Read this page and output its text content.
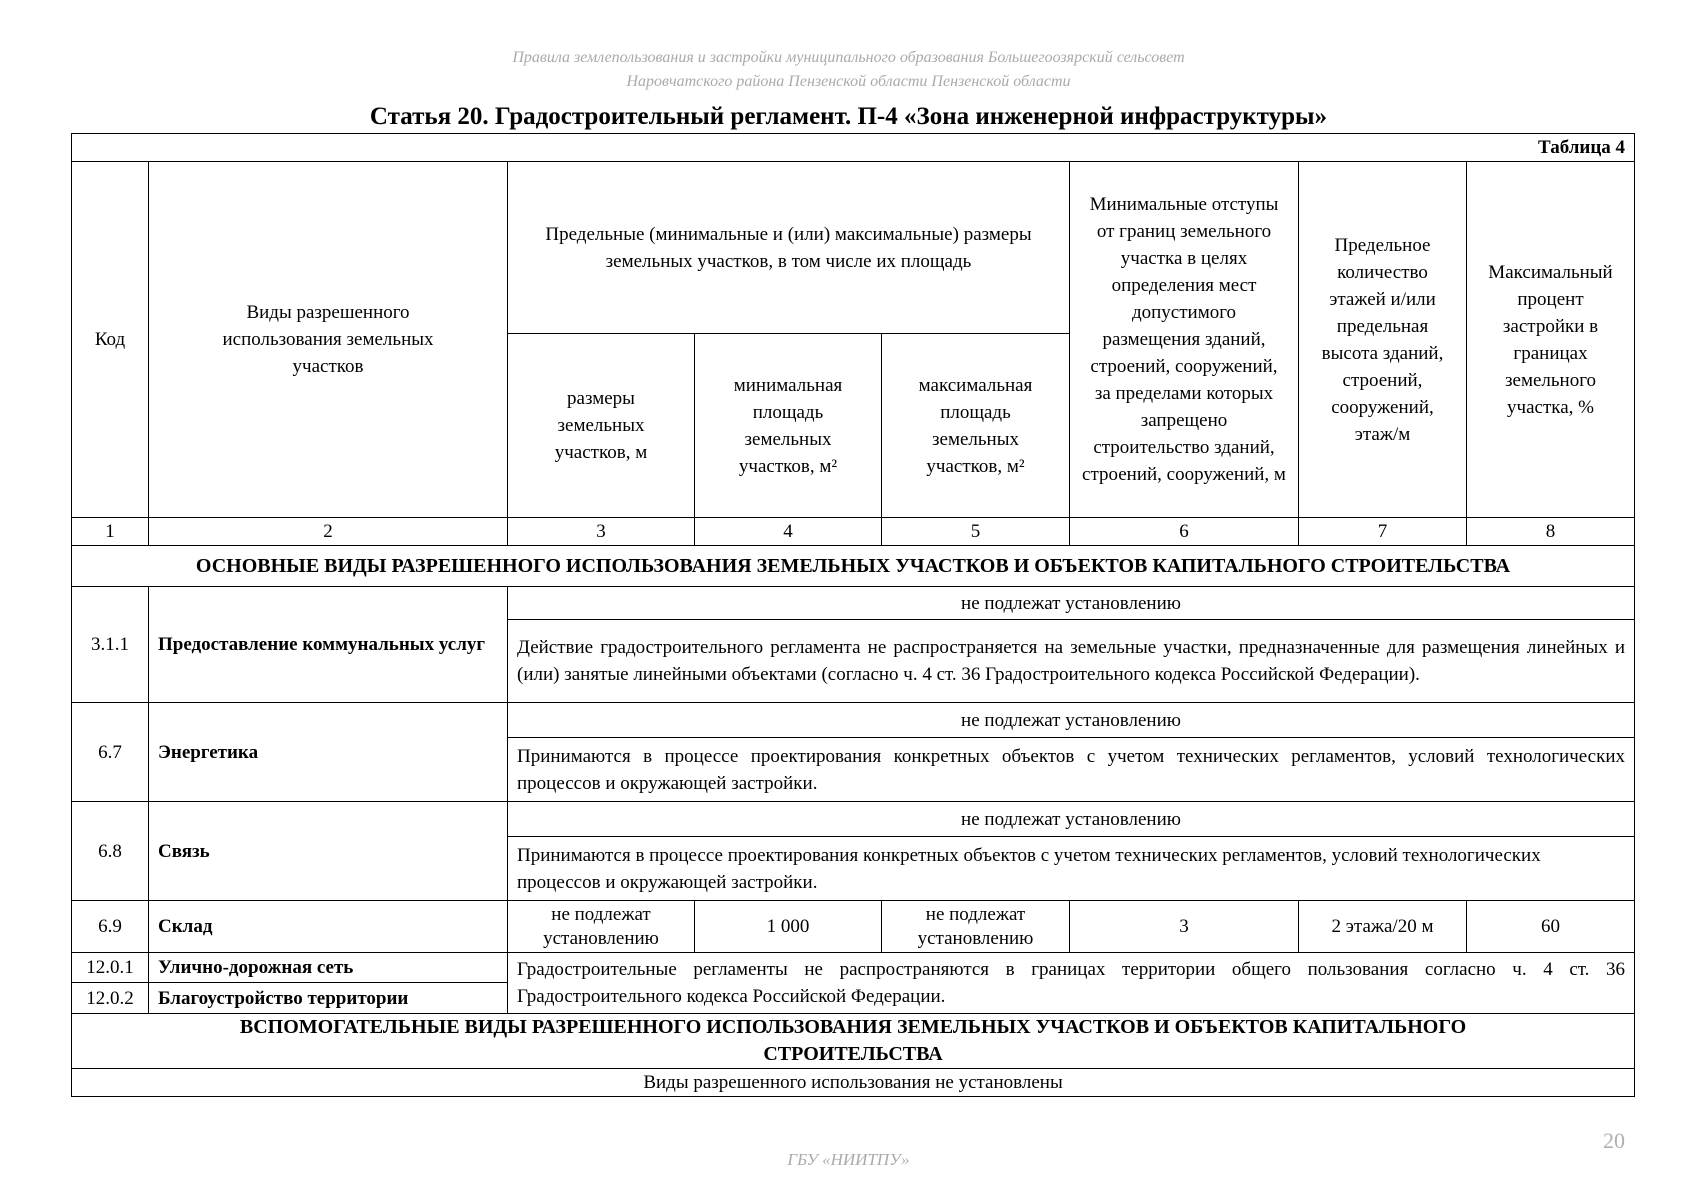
Правила землепользования и застройки муниципального образования Большегоозярский сельсовет
Наровчатского района Пензенской области Пензенской области
Статья 20. Градостроительный регламент. П-4 «Зона инженерной инфраструктуры»
Таблица 4							
Код	Виды разрешенного использования земельных участков	Предельные (минимальные и (или) максимальные) размеры земельных участков, в том числе их площадь			Минимальные отступы от границ земельного участка в целях определения мест допустимого размещения зданий, строений, сооружений, за пределами которых запрещено строительство зданий, строений, сооружений, м	Предельное количество этажей и/или предельная высота зданий, строений, сооружений, этаж/м	Максимальный процент застройки в границах земельного участка, %
		размеры земельных участков, м	минимальная площадь земельных участков, м²	максимальная площадь земельных участков, м²			
1	2	3	4	5	6	7	8
ОСНОВНЫЕ ВИДЫ РАЗРЕШЕННОГО ИСПОЛЬЗОВАНИЯ ЗЕМЕЛЬНЫХ УЧАСТКОВ И ОБЪЕКТОВ КАПИТАЛЬНОГО СТРОИТЕЛЬСТВА							
3.1.1	Предоставление коммунальных услуг	не подлежат установлению					
		Действие градостроительного регламента не распространяется на земельные участки, предназначенные для размещения линейных и (или) занятые линейными объектами (согласно ч. 4 ст. 36 Градостроительного кодекса Российской Федерации).					
6.7	Энергетика	не подлежат установлению					
		Принимаются в процессе проектирования конкретных объектов с учетом технических регламентов, условий технологических процессов и окружающей застройки.					
6.8	Связь	не подлежат установлению					
		Принимаются в процессе проектирования конкретных объектов с учетом технических регламентов, условий технологических процессов и окружающей застройки.					
6.9	Склад	не подлежат установлению	1 000	не подлежат установлению	3	2 этажа/20 м	60
12.0.1	Улично-дорожная сеть	Градостроительные регламенты не распространяются в границах территории общего пользования согласно ч. 4 ст. 36 Градостроительного кодекса Российской Федерации.					
12.0.2	Благоустройство территории						
ВСПОМОГАТЕЛЬНЫЕ ВИДЫ РАЗРЕШЕННОГО ИСПОЛЬЗОВАНИЯ ЗЕМЕЛЬНЫХ УЧАСТКОВ И ОБЪЕКТОВ КАПИТАЛЬНОГО СТРОИТЕЛЬСТВА							
Виды разрешенного использования не установлены							
20
ГБУ «НИИТПУ»
